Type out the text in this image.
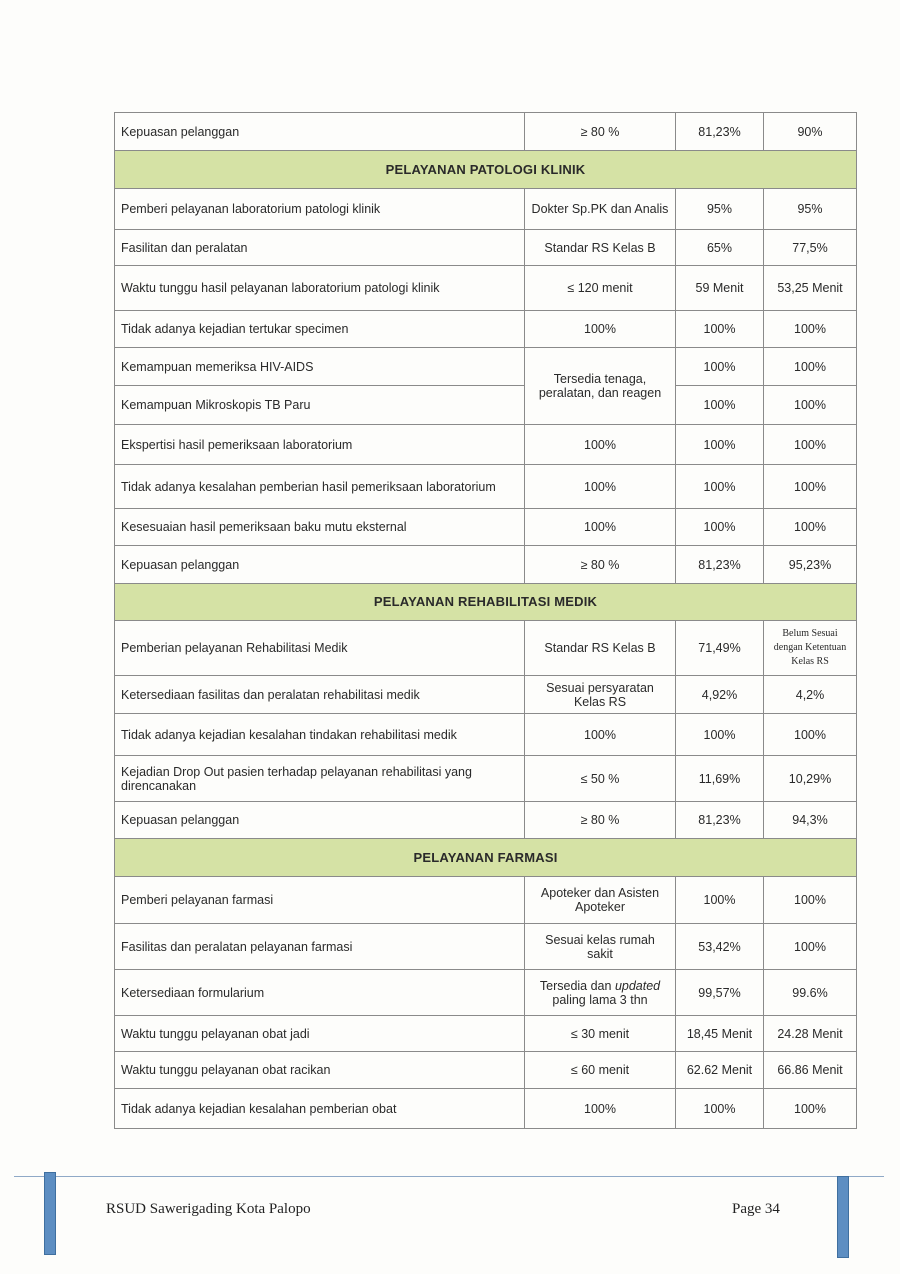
Kepuasan pelanggan	≥ 80 %	81,23%	90%
PELAYANAN PATOLOGI KLINIK			
Pemberi pelayanan laboratorium patologi klinik	Dokter Sp.PK dan Analis	95%	95%
Fasilitan dan peralatan	Standar RS Kelas B	65%	77,5%
Waktu tunggu hasil pelayanan laboratorium patologi klinik	≤ 120 menit	59 Menit	53,25 Menit
Tidak adanya kejadian tertukar specimen	100%	100%	100%
Kemampuan memeriksa HIV-AIDS	Tersedia tenaga, peralatan, dan reagen	100%	100%
Kemampuan Mikroskopis TB Paru		100%	100%
Ekspertisi hasil pemeriksaan laboratorium	100%	100%	100%
Tidak adanya kesalahan pemberian hasil pemeriksaan laboratorium	100%	100%	100%
Kesesuaian hasil pemeriksaan baku mutu eksternal	100%	100%	100%
Kepuasan pelanggan	≥ 80 %	81,23%	95,23%
PELAYANAN REHABILITASI MEDIK			
Pemberian pelayanan Rehabilitasi Medik	Standar RS Kelas B	71,49%	Belum Sesuai dengan Ketentuan Kelas RS
Ketersediaan fasilitas dan peralatan rehabilitasi medik	Sesuai persyaratan Kelas RS	4,92%	4,2%
Tidak adanya kejadian kesalahan tindakan rehabilitasi medik	100%	100%	100%
Kejadian Drop Out pasien terhadap pelayanan rehabilitasi yang direncanakan	≤ 50 %	11,69%	10,29%
Kepuasan pelanggan	≥ 80 %	81,23%	94,3%
PELAYANAN FARMASI			
Pemberi pelayanan farmasi	Apoteker dan Asisten Apoteker	100%	100%
Fasilitas dan peralatan pelayanan farmasi	Sesuai kelas rumah sakit	53,42%	100%
Ketersediaan formularium	Tersedia dan updated paling lama 3 thn	99,57%	99.6%
Waktu tunggu pelayanan obat jadi	≤ 30 menit	18,45 Menit	24.28 Menit
Waktu tunggu pelayanan obat racikan	≤ 60 menit	62.62 Menit	66.86 Menit
Tidak adanya kejadian kesalahan pemberian obat	100%	100%	100%
RSUD Sawerigading Kota Palopo	Page 34
